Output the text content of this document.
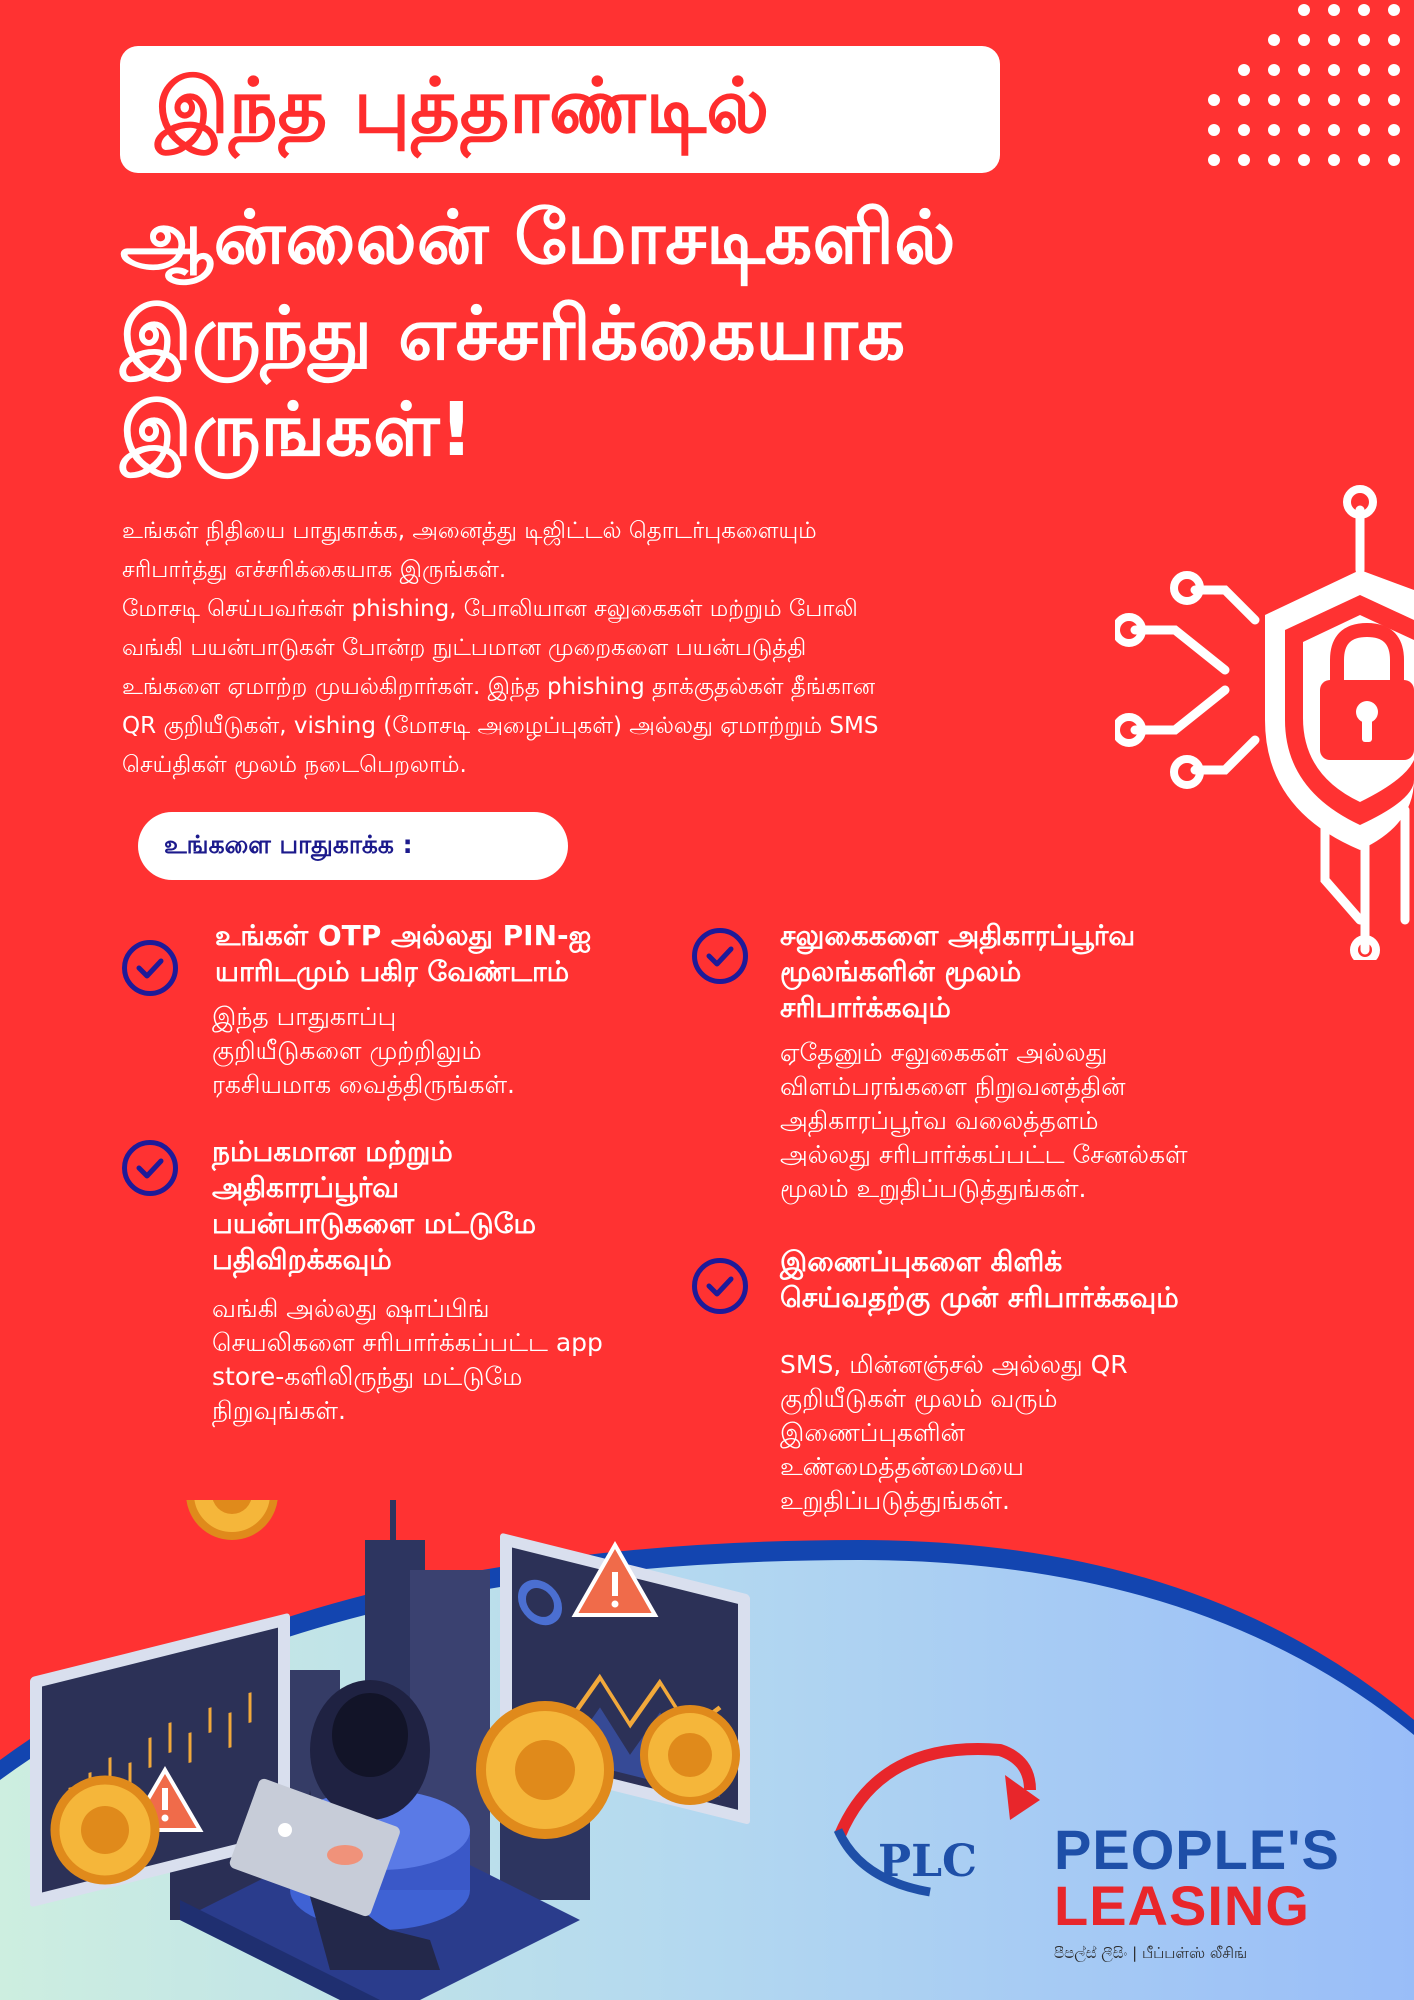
இந்த புத்தாண்டில்
ஆன்லைன் மோசடிகளில்
இருந்து எச்சரிக்கையாக
இருங்கள்!
உங்கள் நிதியை பாதுகாக்க, அனைத்து டிஜிட்டல் தொடர்புகளையும்
சரிபார்த்து எச்சரிக்கையாக இருங்கள்.
மோசடி செய்பவர்கள் phishing, போலியான சலுகைகள் மற்றும் போலி
வங்கி பயன்பாடுகள் போன்ற நுட்பமான முறைகளை பயன்படுத்தி
உங்களை ஏமாற்ற முயல்கிறார்கள். இந்த phishing தாக்குதல்கள் தீங்கான
QR குறியீடுகள், vishing (மோசடி அழைப்புகள்) அல்லது ஏமாற்றும் SMS
செய்திகள் மூலம் நடைபெறலாம்.
உங்களை பாதுகாக்க :
உங்கள் OTP அல்லது PIN-ஐ
யாரிடமும் பகிர வேண்டாம்
இந்த பாதுகாப்பு
குறியீடுகளை முற்றிலும்
ரகசியமாக வைத்திருங்கள்.
நம்பகமான மற்றும்
அதிகாரப்பூர்வ
பயன்பாடுகளை மட்டுமே
பதிவிறக்கவும்
வங்கி அல்லது ஷாப்பிங்
செயலிகளை சரிபார்க்கப்பட்ட app
store-களிலிருந்து மட்டுமே
நிறுவுங்கள்.
சலுகைகளை அதிகாரப்பூர்வ
மூலங்களின் மூலம்
சரிபார்க்கவும்
ஏதேனும் சலுகைகள் அல்லது
விளம்பரங்களை நிறுவனத்தின்
அதிகாரப்பூர்வ வலைத்தளம்
அல்லது சரிபார்க்கப்பட்ட சேனல்கள்
மூலம் உறுதிப்படுத்துங்கள்.
இணைப்புகளை கிளிக்
செய்வதற்கு முன் சரிபார்க்கவும்
SMS, மின்னஞ்சல் அல்லது QR
குறியீடுகள் மூலம் வரும்
இணைப்புகளின்
உண்மைத்தன்மையை
உறுதிப்படுத்துங்கள்.
PLC PEOPLE'S
LEASING
පීපල්ස් ලීසිං | பீப்பள்ஸ் லீசிங்
